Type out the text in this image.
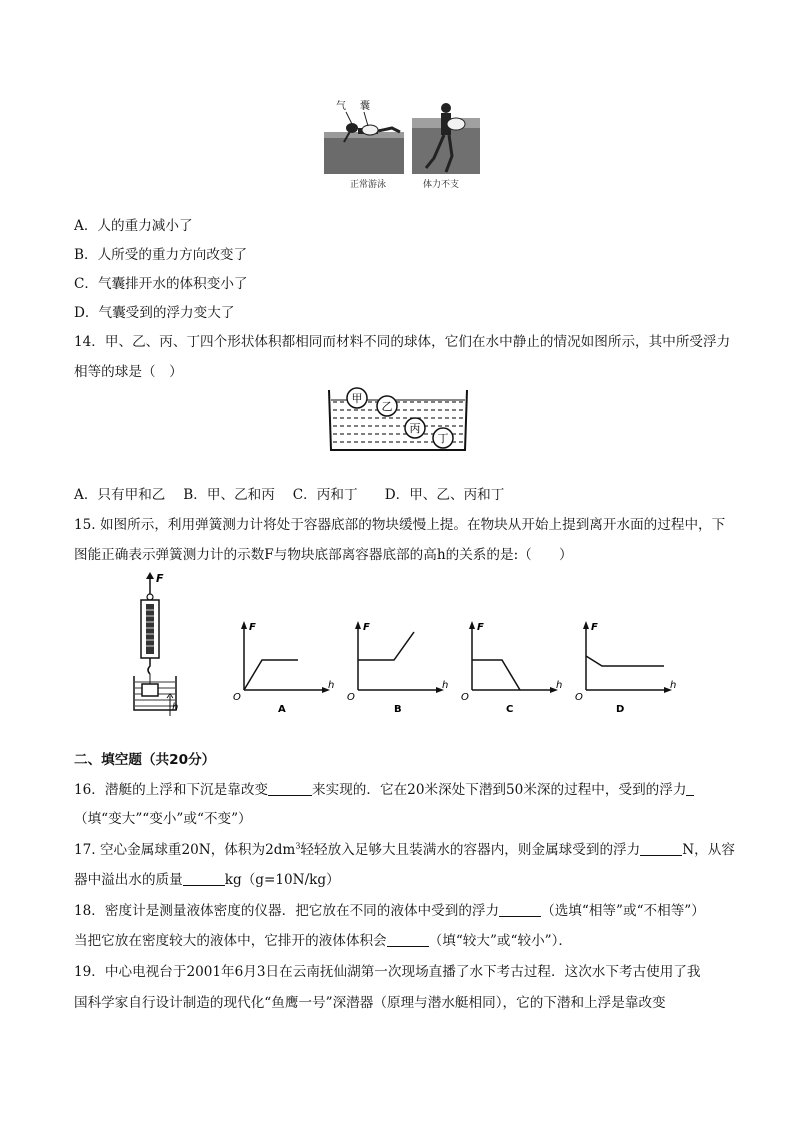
气 囊
正常游泳	体力不支
A．人的重力减小了
B．人所受的重力方向改变了
C．气囊排开水的体积变小了
D．气囊受到的浮力变大了
14．甲、乙、丙、丁四个形状体积都相同而材料不同的球体，它们在水中静止的情况如图所示，其中所受浮力
相等的球是（　）
甲
乙
丙
丁
A．只有甲和乙　 B．甲、乙和丙　 C．丙和丁　　D．甲、乙、丙和丁
15. 如图所示，利用弹簧测力计将处于容器底部的物块缓慢上提。在物块从开始上提到离开水面的过程中，下
图能正确表示弹簧测力计的示数F与物块底部离容器底部的高h的关系的是:（　　）
F
h
F
h
O
A
F
h
O
B
F
h
O
C
F
h
O
D
二、填空题（共20分）
16．潜艇的上浮和下沉是靠改变	来实现的．它在20米深处下潜到50米深的过程中，受到的浮力
（填“变大”“变小”或“不变”）
17. 空心金属球重20N，体积为$2dm^3$轻轻放入足够大且装满水的容器内，则金属球受到的浮力	N，从容
器中溢出水的质量	kg（g=10N/kg）
18．密度计是测量液体密度的仪器．把它放在不同的液体中受到的浮力	（选填“相等”或“不相等”）
当把它放在密度较大的液体中，它排开的液体体积会	（填“较大”或“较小”）．
19．中心电视台于2001年6月3日在云南抚仙湖第一次现场直播了水下考古过程．这次水下考古使用了我
国科学家自行设计制造的现代化“鱼鹰一号”深潜器（原理与潜水艇相同），它的下潜和上浮是靠改变
